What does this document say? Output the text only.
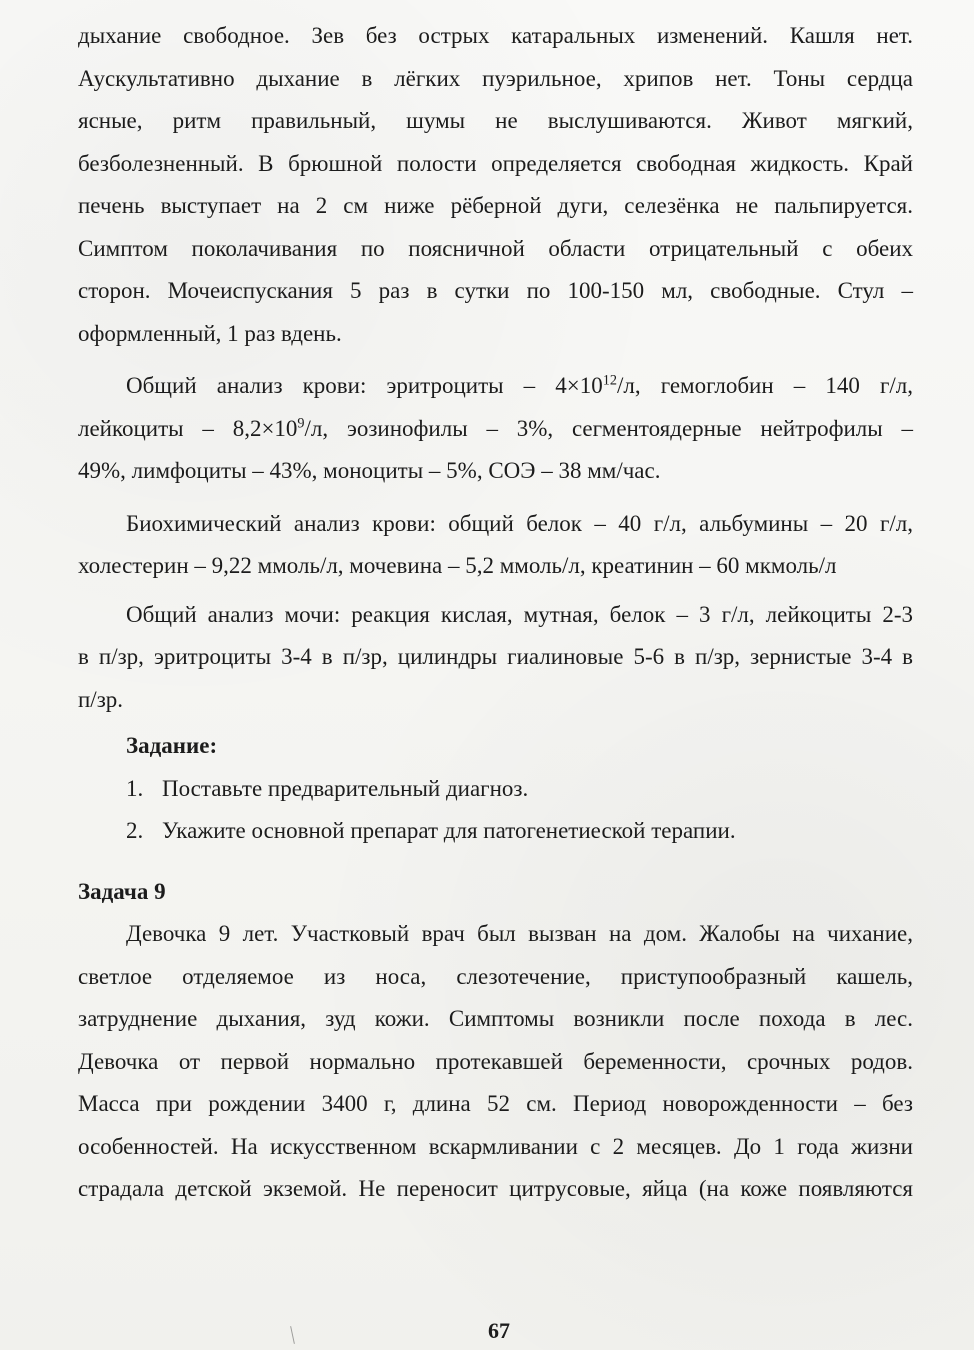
дыхание свободное. Зев без острых катаральных изменений. Кашля нет.
Аускультативно дыхание в лёгких пуэрильное, хрипов нет. Тоны сердца
ясные, ритм правильный, шумы не выслушиваются. Живот мягкий,
безболезненный. В брюшной полости определяется свободная жидкость. Край
печень выступает на 2 см ниже рёберной дуги, селезёнка не пальпируется.
Симптом поколачивания по поясничной области отрицательный с обеих
сторон. Мочеиспускания 5 раз в сутки по 100-150 мл, свободные. Стул –
оформленный, 1 раз вдень.
Общий анализ крови: эритроциты – $4\times 10^{12}/л$, гемоглобин – 140 г/л,
лейкоциты – $8,2\times 10^9/л$, эозинофилы – 3%, сегментоядерные нейтрофилы –
49%, лимфоциты – 43%, моноциты – 5%, СОЭ – 38 мм/час.
Биохимический анализ крови: общий белок – 40 г/л, альбумины – 20 г/л,
холестерин – 9,22 ммоль/л, мочевина – 5,2 ммоль/л, креатинин – 60 мкмоль/л
Общий анализ мочи: реакция кислая, мутная, белок – 3 г/л, лейкоциты 2-3
в п/зр, эритроциты 3-4 в п/зр, цилиндры гиалиновые 5-6 в п/зр, зернистые 3-4 в
п/зр.
Задание:
1. Поставьте предварительный диагноз.
2. Укажите основной препарат для патогенетиеской терапии.
Задача 9
Девочка 9 лет. Участковый врач был вызван на дом. Жалобы на чихание,
светлое отделяемое из носа, слезотечение, приступообразный кашель,
затруднение дыхания, зуд кожи. Симптомы возникли после похода в лес.
Девочка от первой нормально протекавшей беременности, срочных родов.
Масса при рождении 3400 г, длина 52 см. Период новорожденности – без
особенностей. На искусственном вскармливании с 2 месяцев. До 1 года жизни
страдала детской экземой. Не переносит цитрусовые, яйца (на коже появляются
67
